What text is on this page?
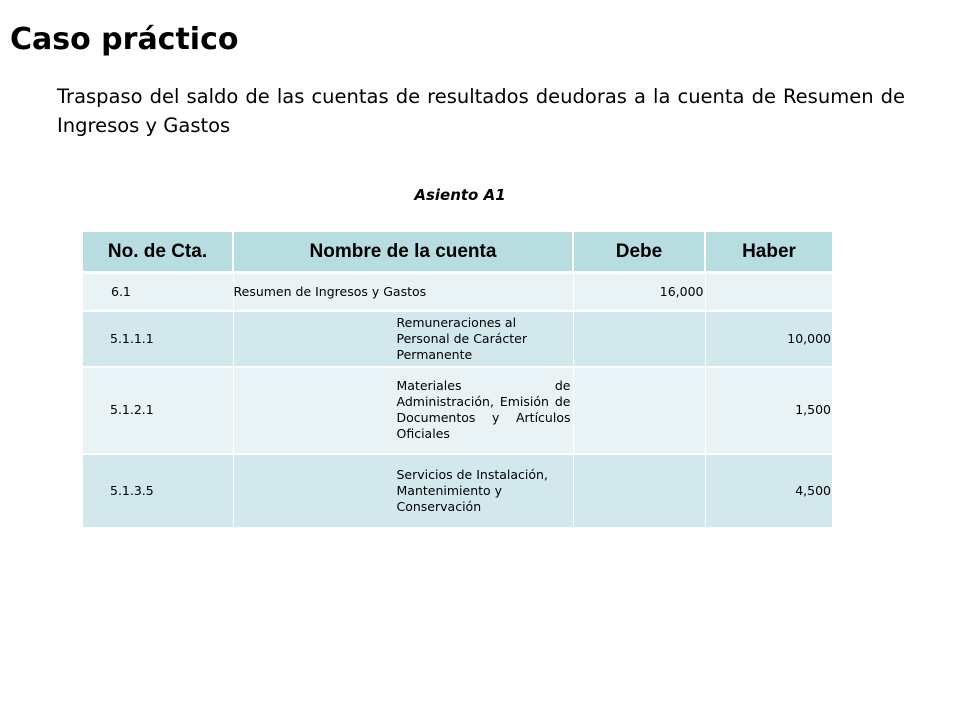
Caso práctico

Traspaso del saldo de las cuentas de resultados deudoras a la cuenta de Resumen de Ingresos y Gastos

Asiento A1
No. de Cta.	Nombre de la cuenta	Debe	Haber
6.1	Resumen de Ingresos y Gastos	16,000	
5.1.1.1	Remuneraciones al Personal de Carácter Permanente		10,000
5.1.2.1	Materiales de Administración, Emisión de Documentos y Artículos Oficiales		1,500
5.1.3.5	Servicios de Instalación, Mantenimiento y Conservación		4,500
